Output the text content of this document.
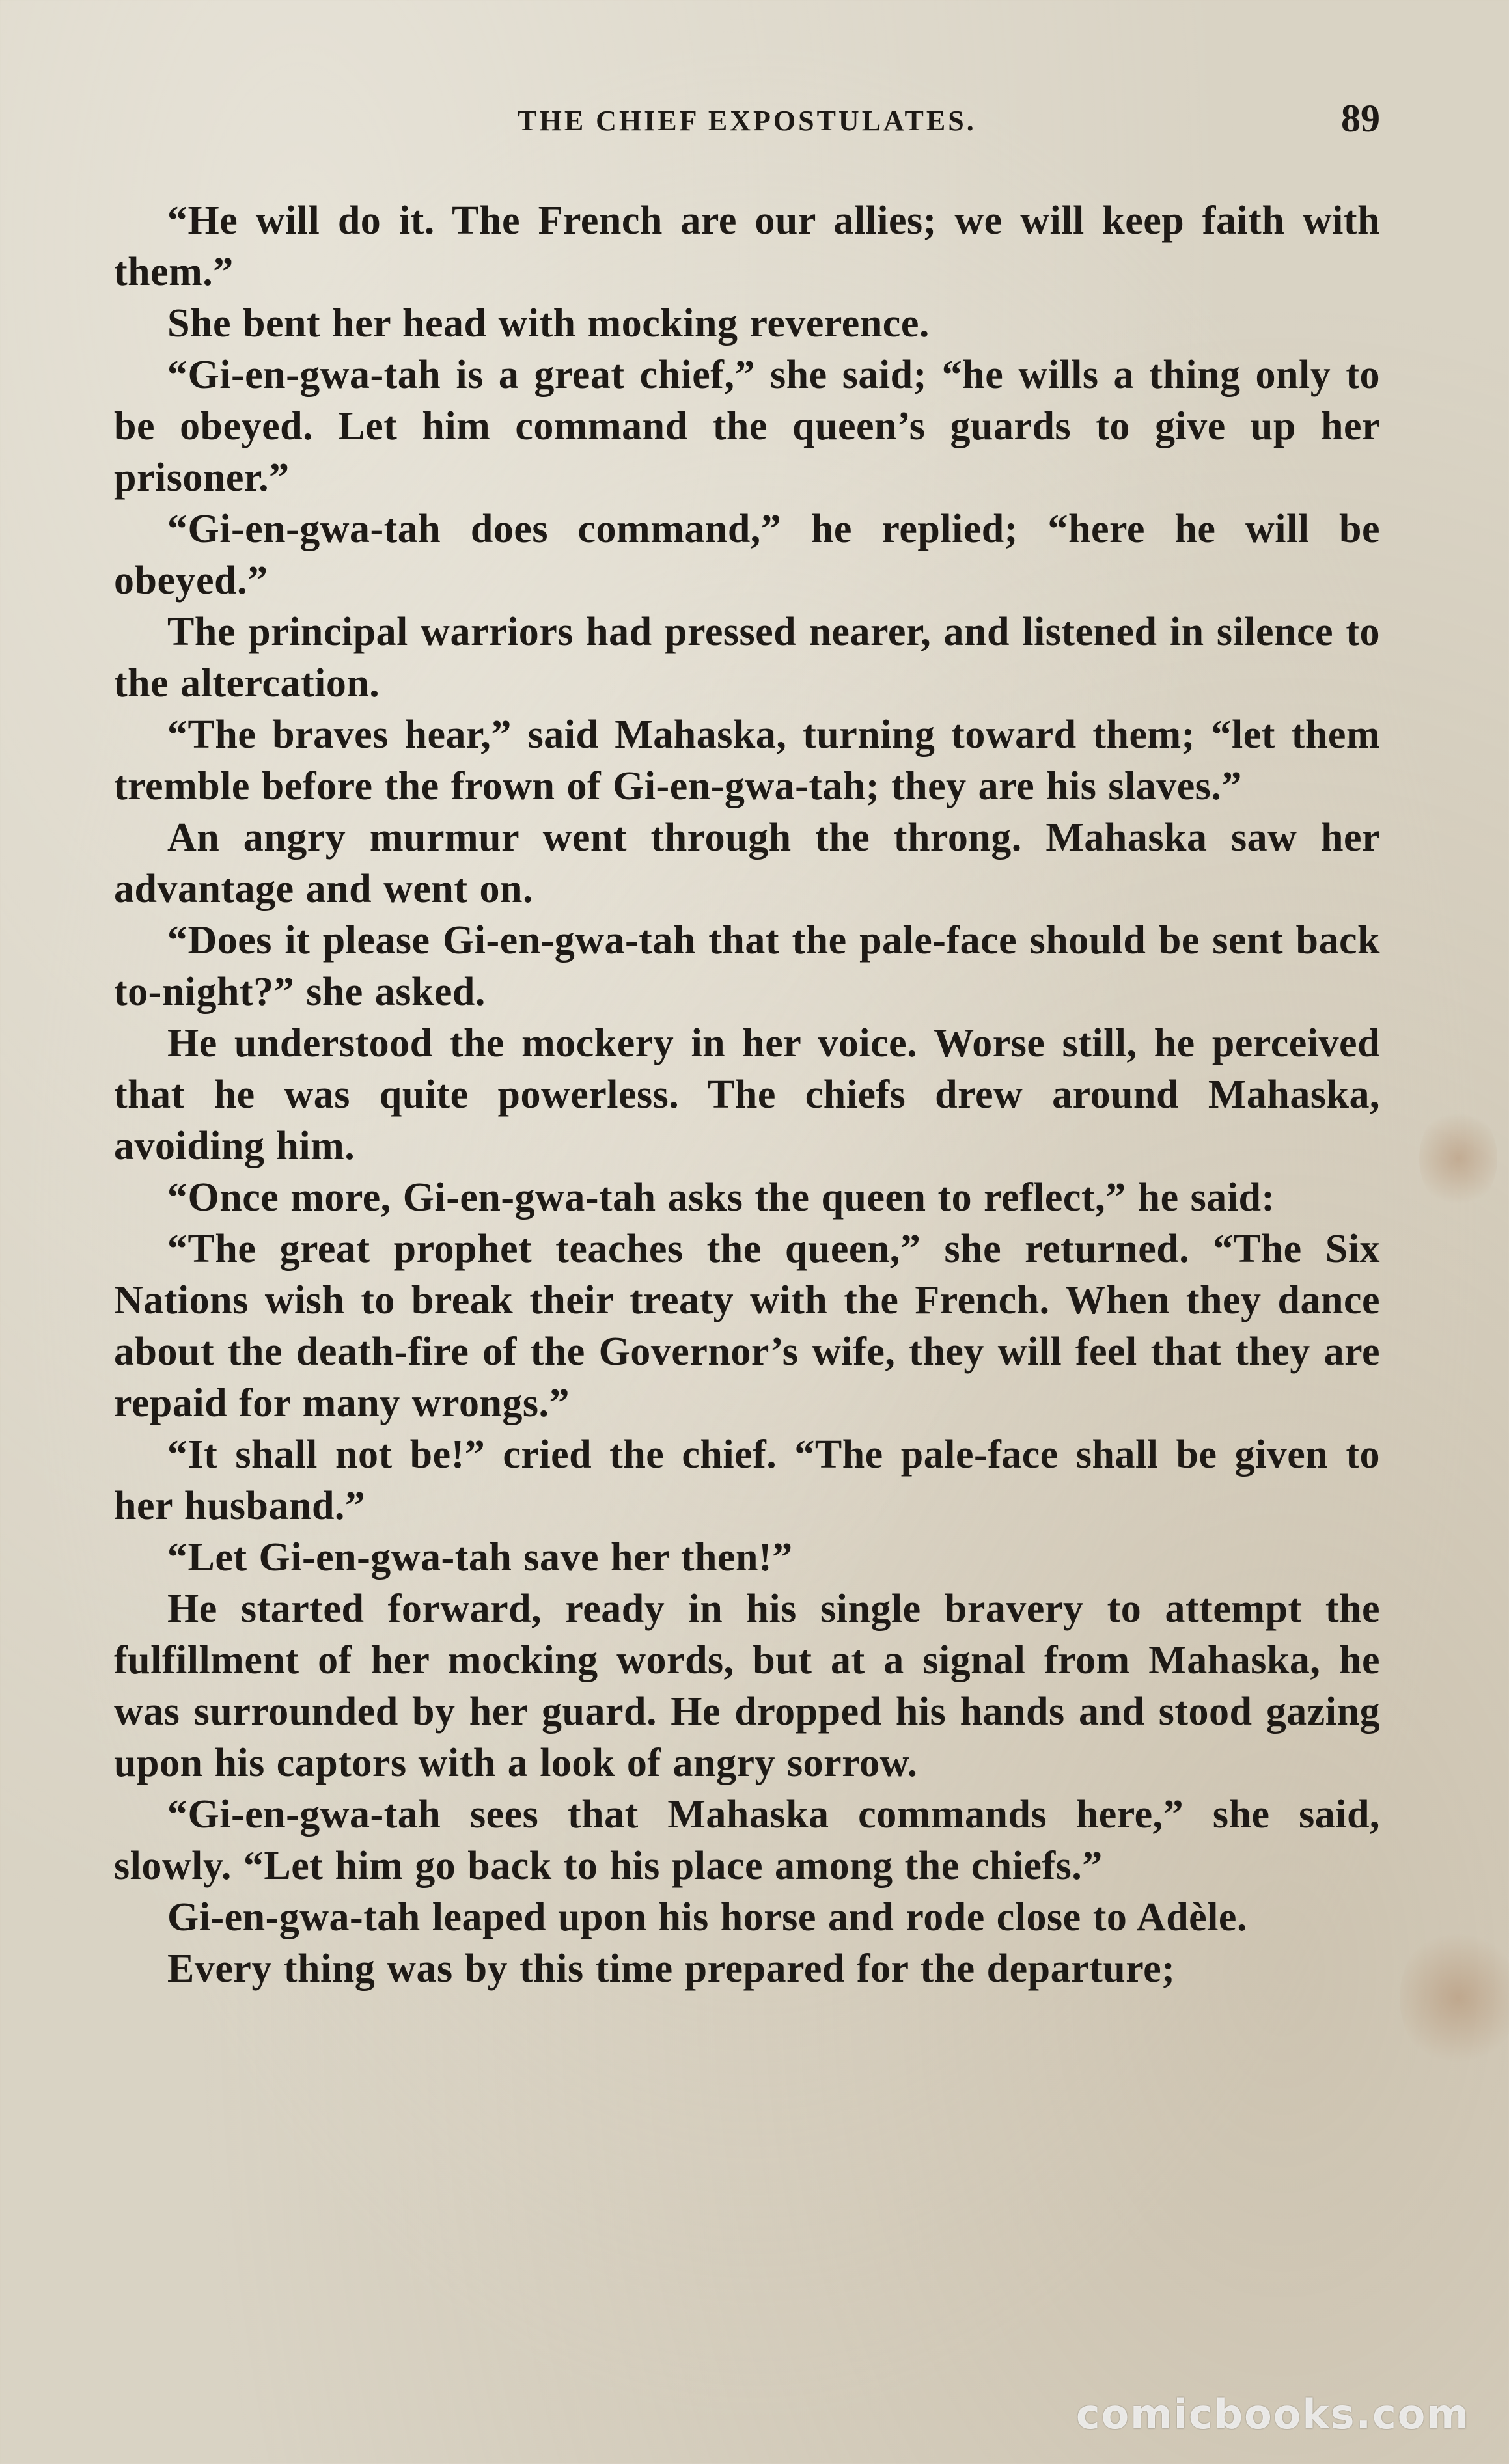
THE CHIEF EXPOSTULATES.	89

“He will do it. The French are our allies; we will keep faith with them.”

She bent her head with mocking reverence.

“Gi-en-gwa-tah is a great chief,” she said; “he wills a thing only to be obeyed. Let him command the queen’s guards to give up her prisoner.”

“Gi-en-gwa-tah does command,” he replied; “here he will be obeyed.”

The principal warriors had pressed nearer, and listened in silence to the altercation.

“The braves hear,” said Mahaska, turning toward them; “let them tremble before the frown of Gi-en-gwa-tah; they are his slaves.”

An angry murmur went through the throng. Mahaska saw her advantage and went on.

“Does it please Gi-en-gwa-tah that the pale-face should be sent back to-night?” she asked.

He understood the mockery in her voice. Worse still, he perceived that he was quite powerless. The chiefs drew around Mahaska, avoiding him.

“Once more, Gi-en-gwa-tah asks the queen to reflect,” he said:

“The great prophet teaches the queen,” she returned. “The Six Nations wish to break their treaty with the French. When they dance about the death-fire of the Governor’s wife, they will feel that they are repaid for many wrongs.”

“It shall not be!” cried the chief. “The pale-face shall be given to her husband.”

“Let Gi-en-gwa-tah save her then!”

He started forward, ready in his single bravery to attempt the fulfillment of her mocking words, but at a signal from Mahaska, he was surrounded by her guard. He dropped his hands and stood gazing upon his captors with a look of angry sorrow.

“Gi-en-gwa-tah sees that Mahaska commands here,” she said, slowly. “Let him go back to his place among the chiefs.”

Gi-en-gwa-tah leaped upon his horse and rode close to Adèle.

Every thing was by this time prepared for the departure;

comicbooks.com
